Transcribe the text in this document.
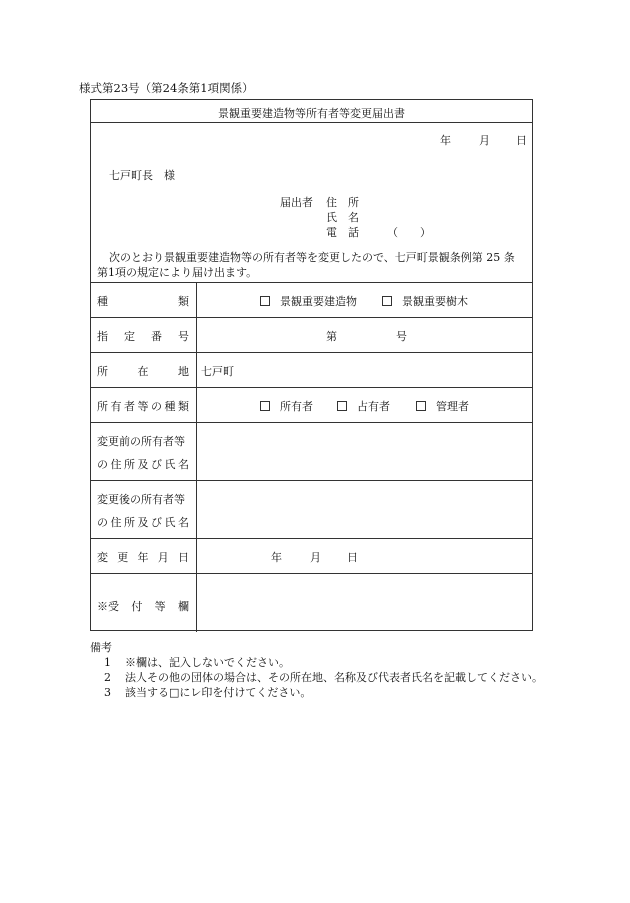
様式第23号（第24条第1項関係）
景観重要建造物等所有者等変更届出書
年	月 日
七戸町長　様
届出者 住　所
氏　名
電　話	（　　）
次のとおり景観重要建造物等の所有者等を変更したので、七戸町景観条例第 25 条
第1項の規定により届け出ます。
種	類	景観重要建造物	景観重要樹木
指 定 番 号	第	号
所	在	地 七戸町
所 有 者 等 の 種 類	所有者	占有者	管理者
変更前の所有者等
の 住 所 及 び 氏 名
変更後の所有者等
の 住 所 及 び 氏 名
変 更 年 月 日	年	月 日
※受 付 等 欄
備考
1 ※欄は、記入しないでください。
2 法人その他の団体の場合は、その所在地、名称及び代表者氏名を記載してください。
3 該当する□にレ印を付けてください。
